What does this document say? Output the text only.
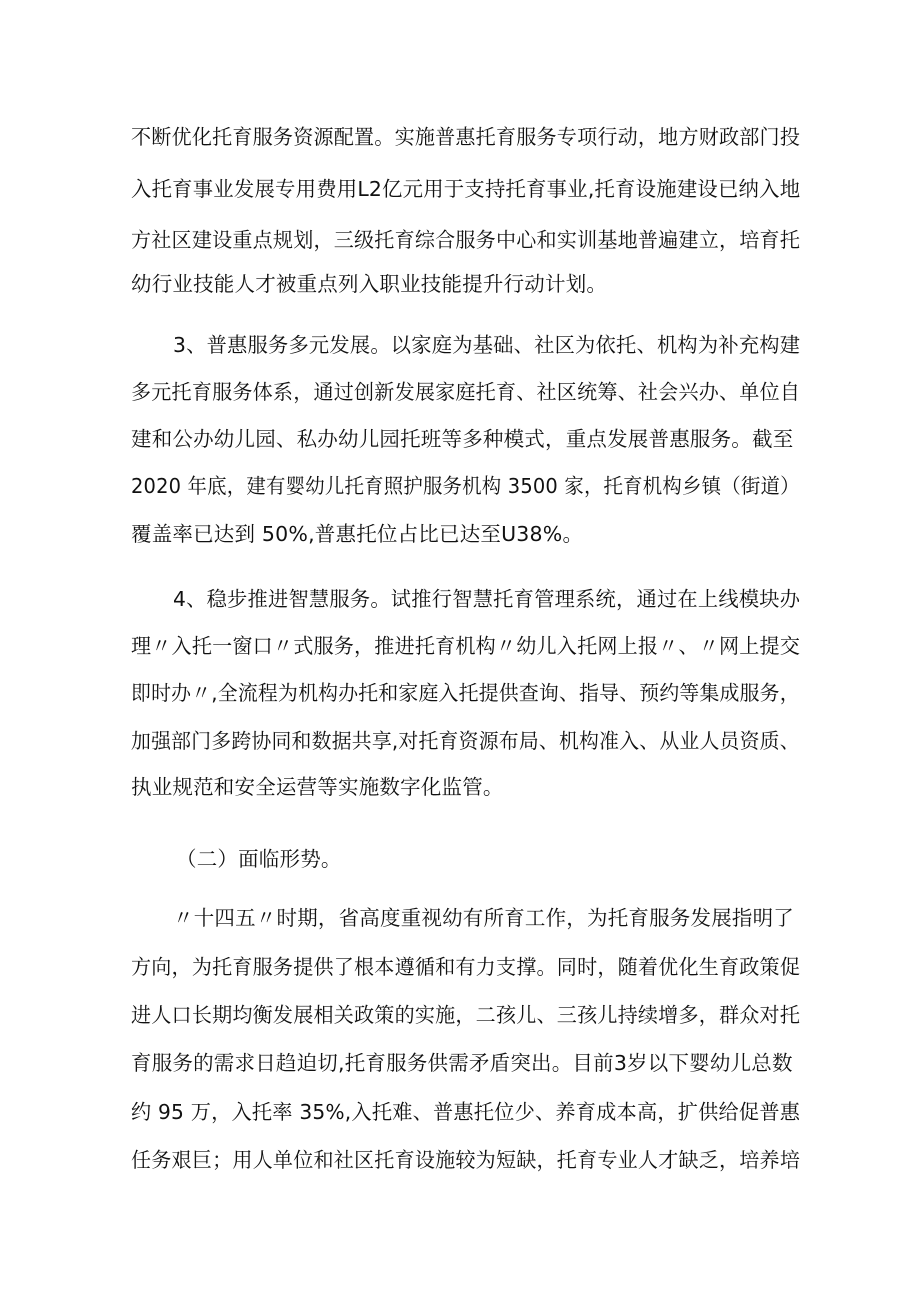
不断优化托育服务资源配置。实施普惠托育服务专项行动，地方财政部门投
入托育事业发展专用费用L2亿元用于支持托育事业,托育设施建设已纳入地
方社区建设重点规划，三级托育综合服务中心和实训基地普遍建立，培育托
幼行业技能人才被重点列入职业技能提升行动计划。
3、普惠服务多元发展。以家庭为基础、社区为依托、机构为补充构建
多元托育服务体系，通过创新发展家庭托育、社区统筹、社会兴办、单位自
建和公办幼儿园、私办幼儿园托班等多种模式，重点发展普惠服务。截至
2020 年底，建有婴幼儿托育照护服务机构 3500 家，托育机构乡镇（街道）
覆盖率已达到 50%,普惠托位占比已达至U38%。
4、稳步推进智慧服务。试推行智慧托育管理系统，通过在上线模块办
理〃入托一窗口〃式服务，推进托育机构〃幼儿入托网上报〃、〃网上提交
即时办〃,全流程为机构办托和家庭入托提供查询、指导、预约等集成服务，
加强部门多跨协同和数据共享,对托育资源布局、机构准入、从业人员资质、
执业规范和安全运营等实施数字化监管。
（二）面临形势。
〃十四五〃时期，省高度重视幼有所育工作，为托育服务发展指明了
方向，为托育服务提供了根本遵循和有力支撑。同时，随着优化生育政策促
进人口长期均衡发展相关政策的实施，二孩儿、三孩儿持续增多，群众对托
育服务的需求日趋迫切,托育服务供需矛盾突出。目前3岁以下婴幼儿总数
约 95 万，入托率 35%,入托难、普惠托位少、养育成本高，扩供给促普惠
任务艰巨；用人单位和社区托育设施较为短缺，托育专业人才缺乏，培养培
